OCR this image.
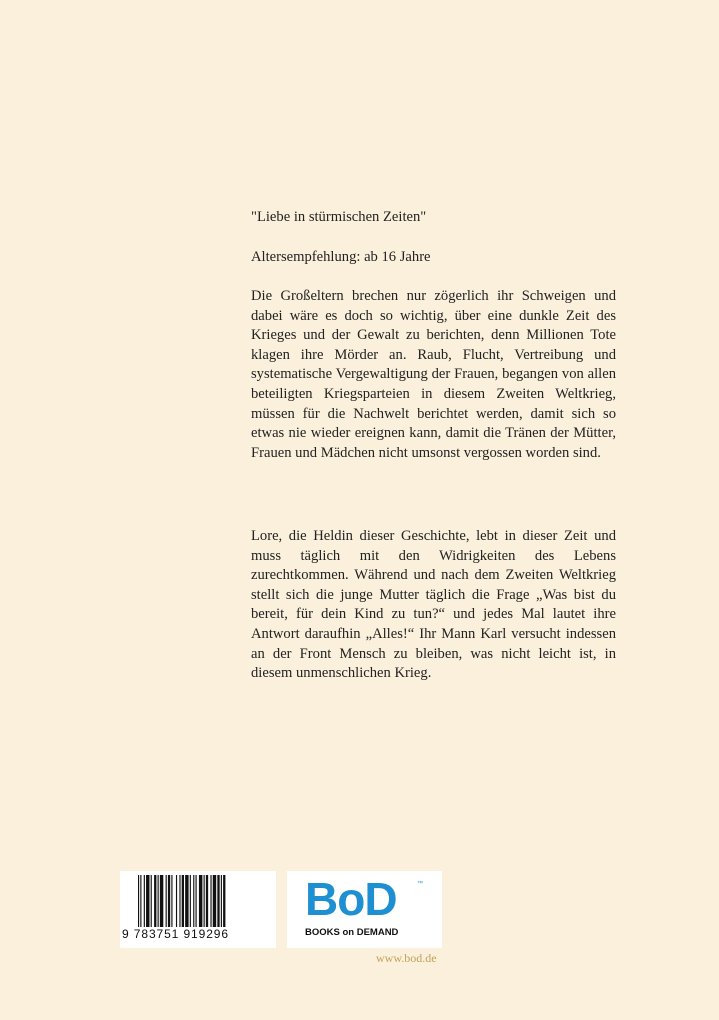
"Liebe in stürmischen Zeiten"
Altersempfehlung: ab 16 Jahre
Die Großeltern brechen nur zögerlich ihr Schweigen und dabei wäre es doch so wichtig, über eine dunkle Zeit des Krieges und der Gewalt zu berichten, denn Millionen Tote klagen ihre Mörder an. Raub, Flucht, Vertreibung und systematische Vergewaltigung der Frauen, begangen von allen beteiligten Kriegsparteien in diesem Zweiten Weltkrieg, müssen für die Nachwelt berichtet werden, damit sich so etwas nie wieder ereignen kann, damit die Tränen der Mütter, Frauen und Mädchen nicht umsonst vergossen worden sind.
Lore, die Heldin dieser Geschichte, lebt in dieser Zeit und muss täglich mit den Widrigkeiten des Lebens zurechtkommen. Während und nach dem Zweiten Weltkrieg stellt sich die junge Mutter täglich die Frage „Was bist du bereit, für dein Kind zu tun?“ und jedes Mal lautet ihre Antwort daraufhin „Alles!“ Ihr Mann Karl versucht indessen an der Front Mensch zu bleiben, was nicht leicht ist, in diesem unmenschlichen Krieg.
9 783751 919296
BoD	™
BOOKS on DEMAND
www.bod.de
